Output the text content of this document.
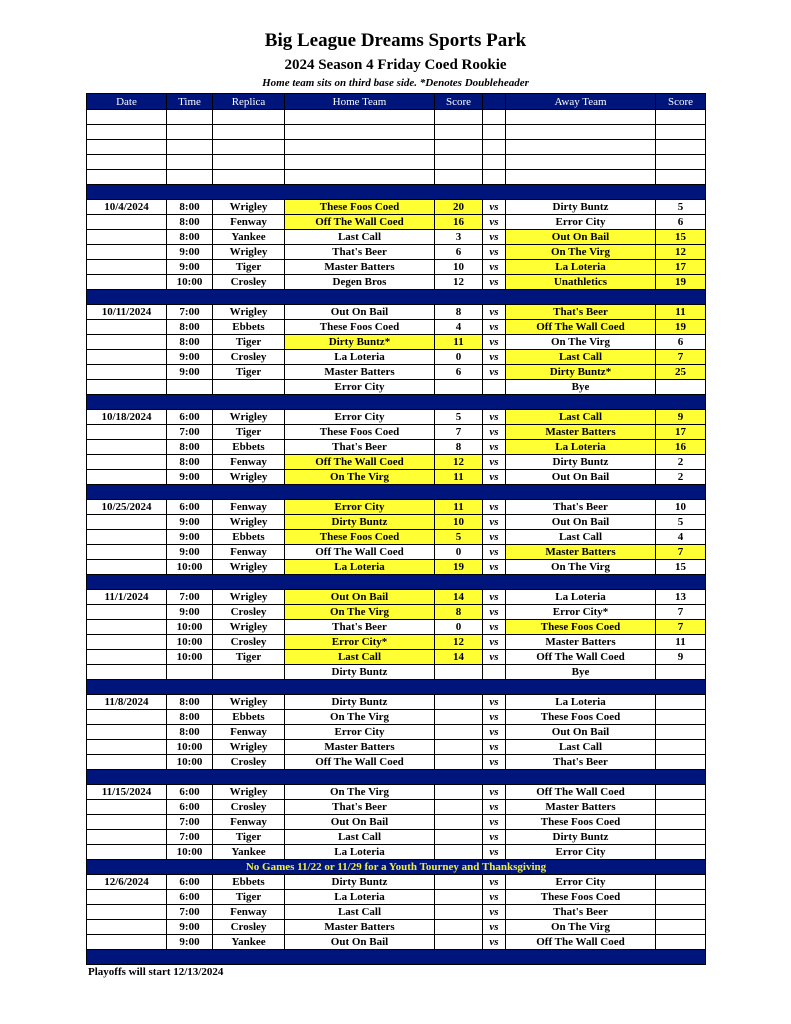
Big League Dreams Sports Park
2024 Season 4 Friday Coed Rookie
Home team sits on third base side. *Denotes Doubleheader
Date	Time	Replica	Home Team	Score		Away Team	Score

10/4/2024	8:00	Wrigley	These Foos Coed	20	vs	Dirty Buntz	5
	8:00	Fenway	Off The Wall Coed	16	vs	Error City	6
	8:00	Yankee	Last Call	3	vs	Out On Bail	15
	9:00	Wrigley	That's Beer	6	vs	On The Virg	12
	9:00	Tiger	Master Batters	10	vs	La Loteria	17
	10:00	Crosley	Degen Bros	12	vs	Unathletics	19

10/11/2024	7:00	Wrigley	Out On Bail	8	vs	That's Beer	11
	8:00	Ebbets	These Foos Coed	4	vs	Off The Wall Coed	19
	8:00	Tiger	Dirty Buntz*	11	vs	On The Virg	6
	9:00	Crosley	La Loteria	0	vs	Last Call	7
	9:00	Tiger	Master Batters	6	vs	Dirty Buntz*	25
			Error City			Bye	

10/18/2024	6:00	Wrigley	Error City	5	vs	Last Call	9
	7:00	Tiger	These Foos Coed	7	vs	Master Batters	17
	8:00	Ebbets	That's Beer	8	vs	La Loteria	16
	8:00	Fenway	Off The Wall Coed	12	vs	Dirty Buntz	2
	9:00	Wrigley	On The Virg	11	vs	Out On Bail	2

10/25/2024	6:00	Fenway	Error City	11	vs	That's Beer	10
	9:00	Wrigley	Dirty Buntz	10	vs	Out On Bail	5
	9:00	Ebbets	These Foos Coed	5	vs	Last Call	4
	9:00	Fenway	Off The Wall Coed	0	vs	Master Batters	7
	10:00	Wrigley	La Loteria	19	vs	On The Virg	15

11/1/2024	7:00	Wrigley	Out On Bail	14	vs	La Loteria	13
	9:00	Crosley	On The Virg	8	vs	Error City*	7
	10:00	Wrigley	That's Beer	0	vs	These Foos Coed	7
	10:00	Crosley	Error City*	12	vs	Master Batters	11
	10:00	Tiger	Last Call	14	vs	Off The Wall Coed	9
			Dirty Buntz			Bye	

11/8/2024	8:00	Wrigley	Dirty Buntz		vs	La Loteria	
	8:00	Ebbets	On The Virg		vs	These Foos Coed	
	8:00	Fenway	Error City		vs	Out On Bail	
	10:00	Wrigley	Master Batters		vs	Last Call	
	10:00	Crosley	Off The Wall Coed		vs	That's Beer	

11/15/2024	6:00	Wrigley	On The Virg		vs	Off The Wall Coed	
	6:00	Crosley	That's Beer		vs	Master Batters	
	7:00	Fenway	Out On Bail		vs	These Foos Coed	
	7:00	Tiger	Last Call		vs	Dirty Buntz	
	10:00	Yankee	La Loteria		vs	Error City	
No Games 11/22 or 11/29 for a Youth Tourney and Thanksgiving							
12/6/2024	6:00	Ebbets	Dirty Buntz		vs	Error City	
	6:00	Tiger	La Loteria		vs	These Foos Coed	
	7:00	Fenway	Last Call		vs	That's Beer	
	9:00	Crosley	Master Batters		vs	On The Virg	
	9:00	Yankee	Out On Bail		vs	Off The Wall Coed	

Playoffs will start 12/13/2024
